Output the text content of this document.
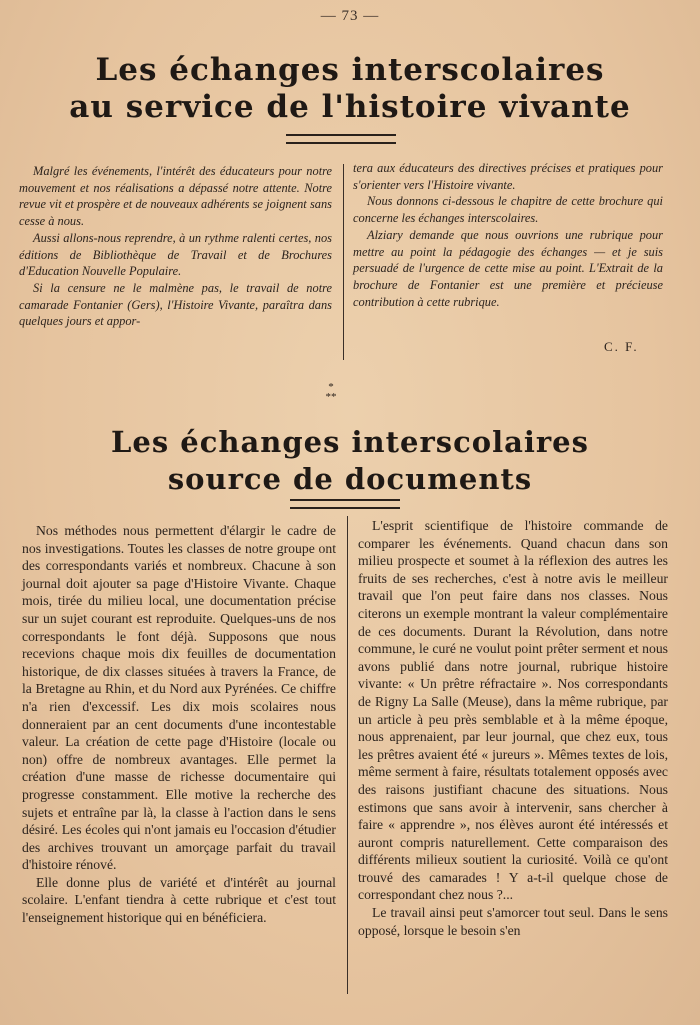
— 73 —
Les échanges interscolaires
au service de l'histoire vivante

Malgré les événements, l'intérêt des éducateurs pour notre mouvement et nos réalisations a dépassé notre attente. Notre revue vit et prospère et de nouveaux adhérents se joignent sans cesse à nous.

Aussi allons-nous reprendre, à un rythme ralenti certes, nos éditions de Bibliothèque de Travail et de Brochures d'Education Nouvelle Populaire.

Si la censure ne le malmène pas, le travail de notre camarade Fontanier (Gers), l'Histoire Vivante, paraîtra dans quelques jours et appor-

tera aux éducateurs des directives précises et pratiques pour s'orienter vers l'Histoire vivante.

Nous donnons ci-dessous le chapitre de cette brochure qui concerne les échanges interscolaires.

Alziary demande que nous ouvrions une rubrique pour mettre au point la pédagogie des échanges — et je suis persuadé de l'urgence de cette mise au point. L'Extrait de la brochure de Fontanier est une première et précieuse contribution à cette rubrique.

C. F.
*
**
Les échanges interscolaires
source de documents

Nos méthodes nous permettent d'élargir le cadre de nos investigations. Toutes les classes de notre groupe ont des correspondants variés et nombreux. Chacune à son journal doit ajouter sa page d'Histoire Vivante. Chaque mois, tirée du milieu local, une documentation précise sur un sujet courant est reproduite. Quelques-uns de nos correspondants le font déjà. Supposons que nous recevions chaque mois dix feuilles de documentation historique, de dix classes situées à travers la France, de la Bretagne au Rhin, et du Nord aux Pyrénées. Ce chiffre n'a rien d'excessif. Les dix mois scolaires nous donneraient par an cent documents d'une incontestable valeur. La création de cette page d'Histoire (locale ou non) offre de nombreux avantages. Elle permet la création d'une masse de richesse documentaire qui progresse constamment. Elle motive la recherche des sujets et entraîne par là, la classe à l'action dans le sens désiré. Les écoles qui n'ont jamais eu l'occasion d'étudier des archives trouvant un amorçage parfait du travail d'histoire rénové.

Elle donne plus de variété et d'intérêt au journal scolaire. L'enfant tiendra à cette rubrique et c'est tout l'enseignement historique qui en bénéficiera.

L'esprit scientifique de l'histoire commande de comparer les événements. Quand chacun dans son milieu prospecte et soumet à la réflexion des autres les fruits de ses recherches, c'est à notre avis le meilleur travail que l'on peut faire dans nos classes. Nous citerons un exemple montrant la valeur complémentaire de ces documents. Durant la Révolution, dans notre commune, le curé ne voulut point prêter serment et nous avons publié dans notre journal, rubrique histoire vivante: « Un prêtre réfractaire ». Nos correspondants de Rigny La Salle (Meuse), dans la même rubrique, par un article à peu près semblable et à la même époque, nous apprenaient, par leur journal, que chez eux, tous les prêtres avaient été « jureurs ». Mêmes textes de lois, même serment à faire, résultats totalement opposés avec des raisons justifiant chacune des situations. Nous estimons que sans avoir à intervenir, sans chercher à faire « apprendre », nos élèves auront été intéressés et auront compris naturellement. Cette comparaison des différents milieux soutient la curiosité. Voilà ce qu'ont trouvé des camarades ! Y a-t-il quelque chose de correspondant chez nous ?...

Le travail ainsi peut s'amorcer tout seul. Dans le sens opposé, lorsque le besoin s'en
